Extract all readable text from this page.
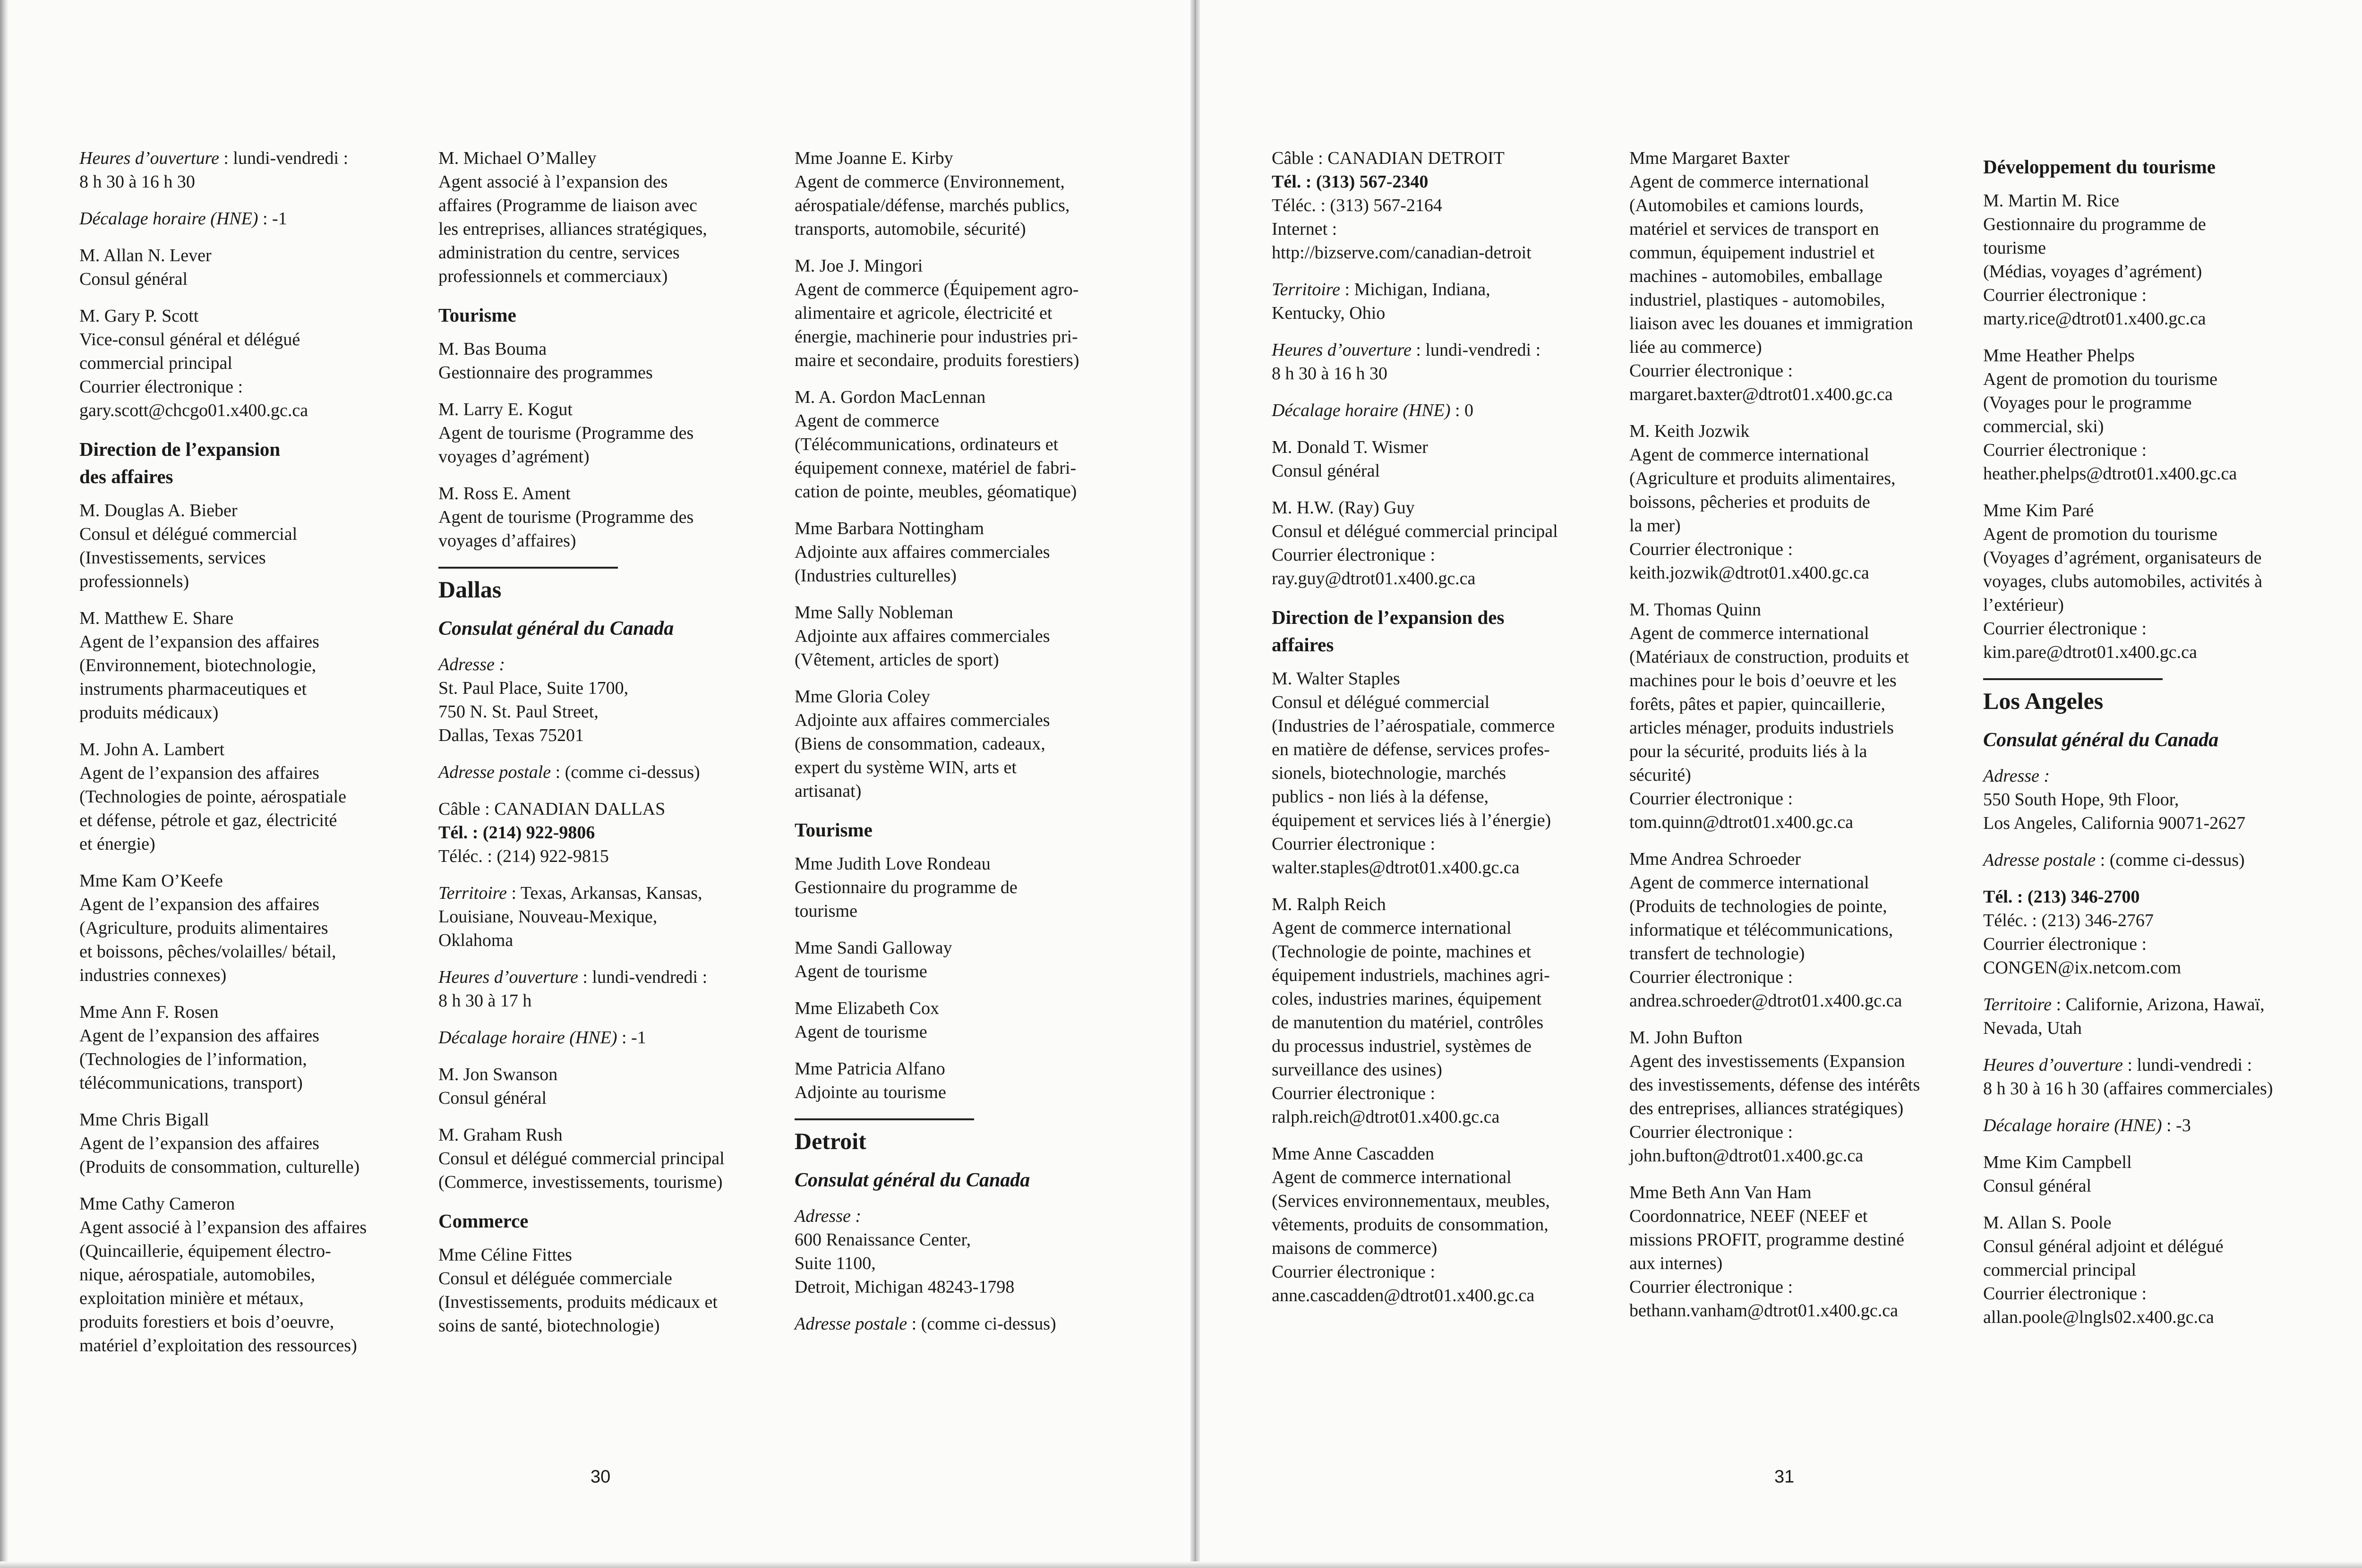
Heures d’ouverture : lundi-vendredi :
8 h 30 à 16 h 30
Décalage horaire (HNE) : -1
M. Allan N. Lever
Consul général
M. Gary P. Scott
Vice-consul général et délégué
commercial principal
Courrier électronique :
gary.scott@chcgo01.x400.gc.ca
Direction de l’expansion
des affaires
M. Douglas A. Bieber
Consul et délégué commercial
(Investissements, services
professionnels)
M. Matthew E. Share
Agent de l’expansion des affaires
(Environnement, biotechnologie,
instruments pharmaceutiques et
produits médicaux)
M. John A. Lambert
Agent de l’expansion des affaires
(Technologies de pointe, aérospatiale
et défense, pétrole et gaz, électricité
et énergie)
Mme Kam O’Keefe
Agent de l’expansion des affaires
(Agriculture, produits alimentaires
et boissons, pêches/volailles/ bétail,
industries connexes)
Mme Ann F. Rosen
Agent de l’expansion des affaires
(Technologies de l’information,
télécommunications, transport)
Mme Chris Bigall
Agent de l’expansion des affaires
(Produits de consommation, culturelle)
Mme Cathy Cameron
Agent associé à l’expansion des affaires
(Quincaillerie, équipement électro-
nique, aérospatiale, automobiles,
exploitation minière et métaux,
produits forestiers et bois d’oeuvre,
matériel d’exploitation des ressources)
M. Michael O’Malley
Agent associé à l’expansion des
affaires (Programme de liaison avec
les entreprises, alliances stratégiques,
administration du centre, services
professionnels et commerciaux)
Tourisme
M. Bas Bouma
Gestionnaire des programmes
M. Larry E. Kogut
Agent de tourisme (Programme des
voyages d’agrément)
M. Ross E. Ament
Agent de tourisme (Programme des
voyages d’affaires)
Dallas
Consulat général du Canada
Adresse :
St. Paul Place, Suite 1700,
750 N. St. Paul Street,
Dallas, Texas 75201
Adresse postale : (comme ci-dessus)
Câble : CANADIAN DALLAS
Tél. : (214) 922-9806
Téléc. : (214) 922-9815
Territoire : Texas, Arkansas, Kansas,
Louisiane, Nouveau-Mexique,
Oklahoma
Heures d’ouverture : lundi-vendredi :
8 h 30 à 17 h
Décalage horaire (HNE) : -1
M. Jon Swanson
Consul général
M. Graham Rush
Consul et délégué commercial principal
(Commerce, investissements, tourisme)
Commerce
Mme Céline Fittes
Consul et déléguée commerciale
(Investissements, produits médicaux et
soins de santé, biotechnologie)
Mme Joanne E. Kirby
Agent de commerce (Environnement,
aérospatiale/défense, marchés publics,
transports, automobile, sécurité)
M. Joe J. Mingori
Agent de commerce (Équipement agro-
alimentaire et agricole, électricité et
énergie, machinerie pour industries pri-
maire et secondaire, produits forestiers)
M. A. Gordon MacLennan
Agent de commerce
(Télécommunications, ordinateurs et
équipement connexe, matériel de fabri-
cation de pointe, meubles, géomatique)
Mme Barbara Nottingham
Adjointe aux affaires commerciales
(Industries culturelles)
Mme Sally Nobleman
Adjointe aux affaires commerciales
(Vêtement, articles de sport)
Mme Gloria Coley
Adjointe aux affaires commerciales
(Biens de consommation, cadeaux,
expert du système WIN, arts et
artisanat)
Tourisme
Mme Judith Love Rondeau
Gestionnaire du programme de
tourisme
Mme Sandi Galloway
Agent de tourisme
Mme Elizabeth Cox
Agent de tourisme
Mme Patricia Alfano
Adjointe au tourisme
Detroit
Consulat général du Canada
Adresse :
600 Renaissance Center,
Suite 1100,
Detroit, Michigan 48243-1798
Adresse postale : (comme ci-dessus)
30
Câble : CANADIAN DETROIT
Tél. : (313) 567-2340
Téléc. : (313) 567-2164
Internet :
http://bizserve.com/canadian-detroit
Territoire : Michigan, Indiana,
Kentucky, Ohio
Heures d’ouverture : lundi-vendredi :
8 h 30 à 16 h 30
Décalage horaire (HNE) : 0
M. Donald T. Wismer
Consul général
M. H.W. (Ray) Guy
Consul et délégué commercial principal
Courrier électronique :
ray.guy@dtrot01.x400.gc.ca
Direction de l’expansion des
affaires
M. Walter Staples
Consul et délégué commercial
(Industries de l’aérospatiale, commerce
en matière de défense, services profes-
sionels, biotechnologie, marchés
publics - non liés à la défense,
équipement et services liés à l’énergie)
Courrier électronique :
walter.staples@dtrot01.x400.gc.ca
M. Ralph Reich
Agent de commerce international
(Technologie de pointe, machines et
équipement industriels, machines agri-
coles, industries marines, équipement
de manutention du matériel, contrôles
du processus industriel, systèmes de
surveillance des usines)
Courrier électronique :
ralph.reich@dtrot01.x400.gc.ca
Mme Anne Cascadden
Agent de commerce international
(Services environnementaux, meubles,
vêtements, produits de consommation,
maisons de commerce)
Courrier électronique :
anne.cascadden@dtrot01.x400.gc.ca
Mme Margaret Baxter
Agent de commerce international
(Automobiles et camions lourds,
matériel et services de transport en
commun, équipement industriel et
machines - automobiles, emballage
industriel, plastiques - automobiles,
liaison avec les douanes et immigration
liée au commerce)
Courrier électronique :
margaret.baxter@dtrot01.x400.gc.ca
M. Keith Jozwik
Agent de commerce international
(Agriculture et produits alimentaires,
boissons, pêcheries et produits de
la mer)
Courrier électronique :
keith.jozwik@dtrot01.x400.gc.ca
M. Thomas Quinn
Agent de commerce international
(Matériaux de construction, produits et
machines pour le bois d’oeuvre et les
forêts, pâtes et papier, quincaillerie,
articles ménager, produits industriels
pour la sécurité, produits liés à la
sécurité)
Courrier électronique :
tom.quinn@dtrot01.x400.gc.ca
Mme Andrea Schroeder
Agent de commerce international
(Produits de technologies de pointe,
informatique et télécommunications,
transfert de technologie)
Courrier électronique :
andrea.schroeder@dtrot01.x400.gc.ca
M. John Bufton
Agent des investissements (Expansion
des investissements, défense des intérêts
des entreprises, alliances stratégiques)
Courrier électronique :
john.bufton@dtrot01.x400.gc.ca
Mme Beth Ann Van Ham
Coordonnatrice, NEEF (NEEF et
missions PROFIT, programme destiné
aux internes)
Courrier électronique :
bethann.vanham@dtrot01.x400.gc.ca
Développement du tourisme
M. Martin M. Rice
Gestionnaire du programme de
tourisme
(Médias, voyages d’agrément)
Courrier électronique :
marty.rice@dtrot01.x400.gc.ca
Mme Heather Phelps
Agent de promotion du tourisme
(Voyages pour le programme
commercial, ski)
Courrier électronique :
heather.phelps@dtrot01.x400.gc.ca
Mme Kim Paré
Agent de promotion du tourisme
(Voyages d’agrément, organisateurs de
voyages, clubs automobiles, activités à
l’extérieur)
Courrier électronique :
kim.pare@dtrot01.x400.gc.ca
Los Angeles
Consulat général du Canada
Adresse :
550 South Hope, 9th Floor,
Los Angeles, California 90071-2627
Adresse postale : (comme ci-dessus)
Tél. : (213) 346-2700
Téléc. : (213) 346-2767
Courrier électronique :
CONGEN@ix.netcom.com
Territoire : Californie, Arizona, Hawaï,
Nevada, Utah
Heures d’ouverture : lundi-vendredi :
8 h 30 à 16 h 30 (affaires commerciales)
Décalage horaire (HNE) : -3
Mme Kim Campbell
Consul général
M. Allan S. Poole
Consul général adjoint et délégué
commercial principal
Courrier électronique :
allan.poole@lngls02.x400.gc.ca
31
